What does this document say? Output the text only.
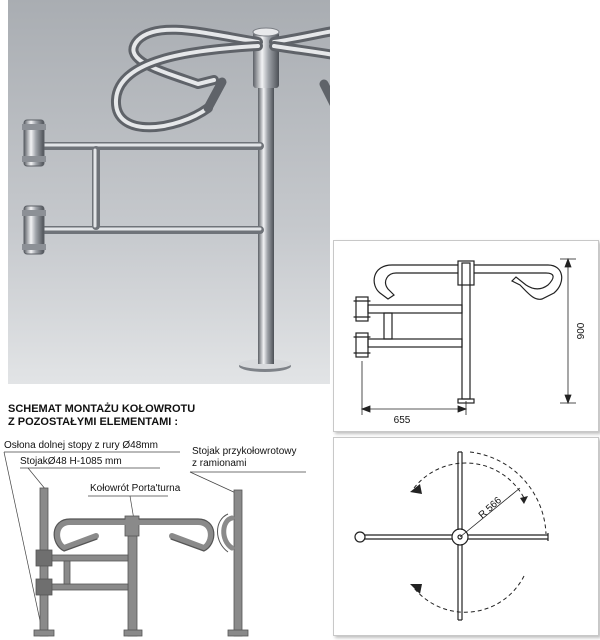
900
655
R 566
SCHEMAT MONTAŻU KOŁOWROTU
Z POZOSTAŁYMI ELEMENTAMI :
Osłona dolnej stopy z rury Ø48mm
StojakØ48 H-1085 mm
Kołowrót Porta'turna
Stojak przykołowrotowy
z ramionami
